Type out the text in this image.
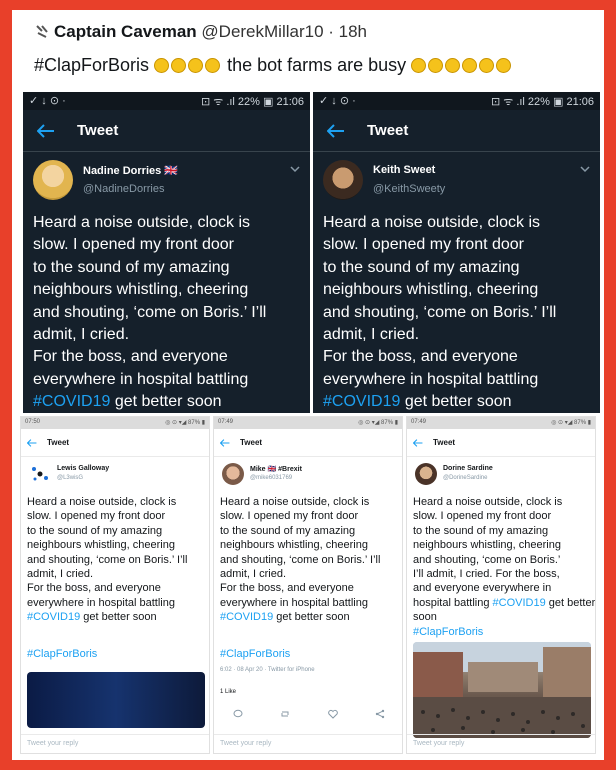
Captain Caveman @DerekMillar10 · 18h
#ClapForBoris	the bot farms are busy
✓ ↓ ⊙ ·	⊡ ᯤ .ıl 22% ▣ 21:06
Tweet
Nadine Dorries 🇬🇧
@NadineDorries
Heard a noise outside, clock is
slow. I opened my front door
to the sound of my amazing
neighbours whistling, cheering
and shouting, ‘come on Boris.’ I’ll
admit, I cried.
For the boss, and everyone
everywhere in hospital battling
#COVID19 get better soon
✓ ↓ ⊙ ·	⊡ ᯤ .ıl 22% ▣ 21:06
Tweet
Keith Sweet
@KeithSweety
Heard a noise outside, clock is
slow. I opened my front door
to the sound of my amazing
neighbours whistling, cheering
and shouting, ‘come on Boris.’ I’ll
admit, I cried.
For the boss, and everyone
everywhere in hospital battling
#COVID19 get better soon
07:50	◎ ⊙ ▾◢ 87% ▮
Tweet
Lewis Galloway
@L3wisG
Heard a noise outside, clock is
slow. I opened my front door
to the sound of my amazing
neighbours whistling, cheering
and shouting, ‘come on Boris.’ I’ll
admit, I cried.
For the boss, and everyone
everywhere in hospital battling
#COVID19 get better soon
#ClapForBoris
Tweet your reply
07:49	◎ ⊙ ▾◢ 87% ▮
Tweet
Mike 🇬🇧 #Brexit
@mike6031769
Heard a noise outside, clock is
slow. I opened my front door
to the sound of my amazing
neighbours whistling, cheering
and shouting, ‘come on Boris.’ I’ll
admit, I cried.
For the boss, and everyone
everywhere in hospital battling
#COVID19 get better soon
#ClapForBoris
6:02 · 08 Apr 20 · Twitter for iPhone
1 Like
Tweet your reply
07:49	◎ ⊙ ▾◢ 87% ▮
Tweet
Dorine Sardine
@DorineSardine
Heard a noise outside, clock is
slow. I opened my front door
to the sound of my amazing
neighbours whistling, cheering
and shouting, ‘come on Boris.’
I’ll admit, I cried. For the boss,
and everyone everywhere in
hospital battling #COVID19 get better soon
#ClapForBoris
Tweet your reply
